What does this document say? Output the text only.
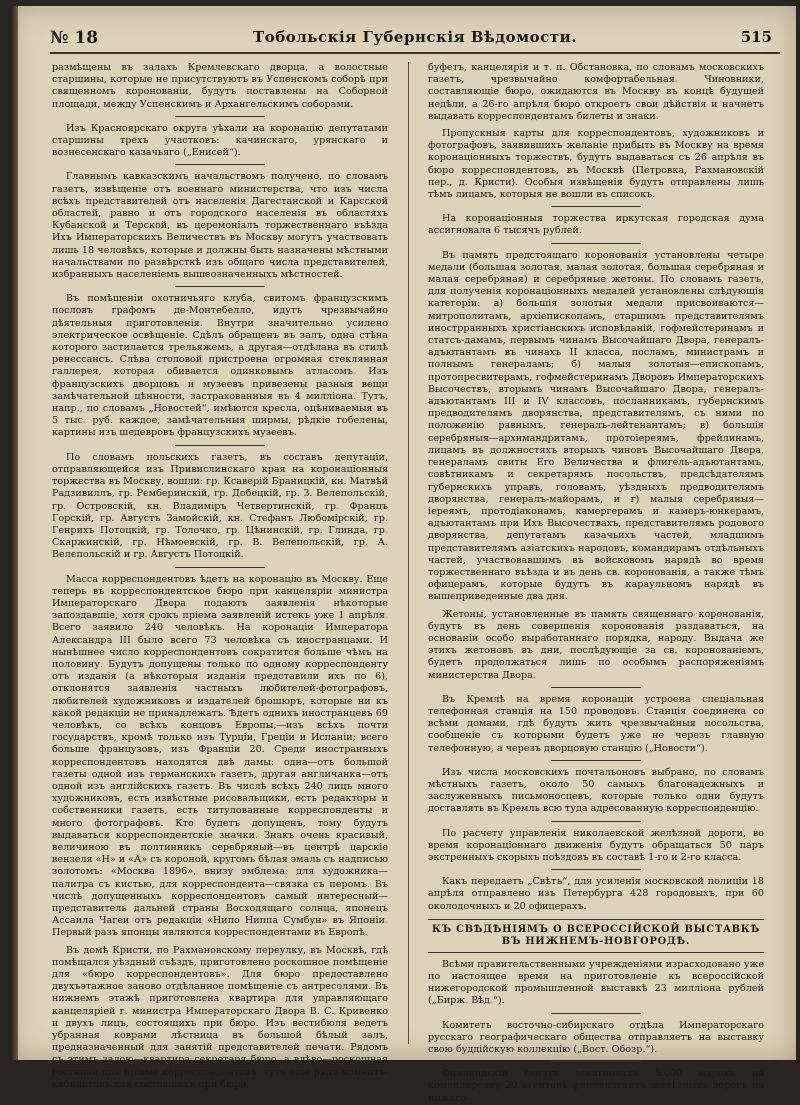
№ 18	Тобольскія Губернскія Вѣдомости.	515

размѣщены въ залахъ Кремлевскаго дворца, а волостные старшины, которые не присутствуютъ въ Успенскомъ соборѣ при священномъ коронованіи, будутъ поставлены на Соборной площади, между Успенскимъ и Архангельскимъ соборами.

Изъ Красноярскаго округа уѣхали на коронацію депутатами старшины трехъ участковъ: качинскаго, урянскаго и вознесенскаго казачьяго („Енисей“).

Главнымъ кавказскимъ начальствомъ получено, по словамъ газетъ, извѣщеніе отъ военнаго министерства, что изъ числа всѣхъ представителей отъ населенія Дагестанской и Карсской областей, равно и отъ городского населенія въ областяхъ Кубанской и Терской, въ церемоніалъ торжественнаго въѣзда Ихъ Императорскихъ Величествъ въ Москву могутъ участвовать лишь 18 человѣкъ, которые и должны быть назначены мѣстными начальствами по развѣрсткѣ изъ общаго числа представителей, избранныхъ населеніемъ вышеозначенныхъ мѣстностей.

Въ помѣщеніи охотничьяго клуба, свитомъ французскимъ пословъ графомъ де-Монтебелло, идутъ чрезвычайно дѣятельныя приготовленія. Внутри значительно усилено электрическое освѣщеніе. Сдѣлъ обращенъ въ залъ, одна стѣна которого застилается трельяжемъ, а другая—отдѣлана въ стилѣ ренессансъ. Слѣва столовой пристроена огромная стеклянная галлерея, которая обивается одинковымъ атласомъ. Изъ французскихъ дворцовъ и музеевъ привезены разныя вещи замѣчательной цѣнности, застрахованныя въ 4 милліона. Тутъ, напр., по словамъ „Новостей“, имѣются кресла, оцѣниваемыя въ 5 тыс. руб. каждое, замѣчательныя ширмы, рѣдкіе гобелены, картины изъ шедевровъ французскихъ музеевъ.

По словамъ польскихъ газетъ, въ составъ депутаціи, отправляющейся изъ Привислинскаго края на коронаціонныя торжества въ Москву, вошли: гр. Ксаверій Браницкій, кн. Матвѣй Радзивиллъ, гр. Ремберинскій, гр. Добецкій, гр. З. Велепольскій, гр. Островскій, кн. Владиміръ Четвертинскій, гр. Францъ Горскій, гр. Августъ Замойскій, кн. Стефанъ Любомірскій, гр. Генрихъ Потоцкій, гр. Толочко, гр. Цѣнинскій, гр. Глинда, гр. Скаржинскій, гр. Нѣмоевскій, гр. В. Велепольскій, гр. А. Велепольскій и гр. Августъ Потоцкій.

Масса корреспондентовъ ѣдетъ на коронацію въ Москву. Еще теперь въ корреспондентское бюро при канцеляріи министра Императорскаго Двора подаютъ заявленія нѣкоторые запоздавшіе, хотя срокъ пріема заявленій истекъ уже 1 апрѣля. Всего заявило 240 человѣкъ. На коронаціи Императора Александра III было всего 73 человѣка съ иностранцами. И нынѣшнее число корреспондентовъ сократится больше чѣмъ на половину. Будутъ допущены только по одному корреспонденту отъ изданія (а нѣкоторыя изданія представили ихъ по 6), отклонятся заявленія частныхъ любителей-фотографовъ, любителей художниковъ и издателей брошюръ, которые ни къ какой редакціи не принадлежатъ. Ѣдетъ однихъ иностранцевъ 69 человѣкъ, со всѣхъ концовъ Европы,—изъ всѣхъ почти государствъ, кромѣ только изъ Турціи, Греціи и Испаніи; всего больше французовъ, изъ Франціи 20. Среди иностранныхъ корреспондентовъ находятся двѣ дамы: одна—отъ большой газеты одной изъ германскихъ газетъ, другая англичанка—отъ одной изъ англійскихъ газетъ. Въ числѣ всѣхъ 240 лицъ много художниковъ, есть извѣстные рисовальщики, есть редакторы и собственники газетъ, есть титулованные корреспонденты и много фотографовъ. Кто будетъ допущенъ, тому будутъ выдаваться корреспондентскіе значки. Знакъ очень красивый, величиною въ полтинникъ серебряный—въ центрѣ царскіе вензеля «Н» и «А» съ короной, кругомъ бѣлая эмаль съ надписью золотомъ: «Москва 1896», внизу эмблема: для художника—палитра съ кистью, для корреспондента—связка съ перомъ. Въ числѣ допущенныхъ корреспондентовъ самый интересный—представитель дальней страны Восходящаго солнца, японецъ Ассаила Чагеи отъ редакціи «Нипо Ниппа Сумбун» въ Японіи. Первый разъ японцы являются корреспондентами въ Европѣ.

Въ домѣ Кристи, по Рахмановскому переулку, въ Москвѣ, гдѣ помѣщался уѣздный съѣздъ, приготовлено роскошное помѣщеніе для «бюро корреспондентовъ». Для бюро предоставлено двухъэтажное заново отдѣланное помѣщеніе съ антресолями. Въ нижнемъ этажѣ приготовлена квартира для управляющаго канцеляріей г. министра Императорскаго Двора В. С. Кривенко и двухъ лицъ, состоящихъ при бюро. Изъ вестибюля ведетъ убранная коврами лѣстница въ большой бѣлый залъ, предназначенный для занятій представителей печати. Рядомъ съ этимъ залою—квартира секретаря бюро, а влѣво—роскошная гостиная для пріема корреспондентовъ; тутъ еще рядъ комнатъ-кабинетовъ для состоящихъ при бюро,

буфетъ, канцелярія и т. п. Обстановка, по словамъ московскихъ газетъ, чрезвычайно комфортабельная. Чиновники, составляющіе бюро, ожидаются въ Москву въ концѣ будущей недѣли, а 26-го апрѣля бюро откроетъ свои дѣйствія и начнетъ выдавать корреспондентамъ билеты и знаки.

Пропускныя карты для корреспондентовъ, художниковъ и фотографовъ, заявившихъ желаніе прибыть въ Москву на время коронаціонныхъ торжествъ, будутъ выдаваться съ 26 апрѣля въ бюро корреспондентовъ, въ Москвѣ (Петровка, Рахмановскій пер., д. Кристи). Особыя извѣщенія будутъ отправлены лишь тѣмъ лицамъ, которыя не вошли въ списокъ.

На коронаціонныя торжества иркутская городская дума ассигновала 6 тысячъ рублей.

Въ память предстоящаго коронованія установлены четыре медали (большая золотая, малая золотая, большая серебряная и малая серебряная) и серебряные жетоны. По словамъ газетъ, для полученія коронаціонныхъ медалей установлены слѣдующія категоріи: а) большія золотыя медали присвоиваются—митрополитамъ, архіепископамъ, старшимъ представителямъ инострранныхъ христіанскихъ исповѣданій, гофмейстеринамъ и статсъ-дамамъ, первымъ чинамъ Высочайшаго Двора, генералъ-адъютантамъ въ чинахъ II класса, посламъ, министрамъ и полнымъ генераламъ; б) малыя золотыя—епископамъ, протопресвитерамъ, гофмейстеринамъ Дворовъ Императорскихъ Высочествъ, вторымъ чинамъ Высочайшаго Двора, генералъ-адъютантамъ III и IV классовъ, посланникамъ, губернскимъ предводителямъ дворянства, представителямъ, съ ними по положенію равнымъ, генералъ-лейтенантамъ; в) большія серебряныя—архимандритамъ, протоіереямъ, фрейлинамъ, лицамъ въ должностяхъ вторыхъ чиновъ Высочайшаго Двора, генераламъ свиты Его Величества и флигель-адъютантамъ, совѣтникамъ и секретарямъ посольствъ, предсѣдателямъ губернскихъ управъ, головамъ, уѣздныхъ предводителямъ дворянства, генералъ-майорамъ, и г) малыя серебряныя—іереямъ, протодіаконамъ, камергерамъ и камеръ-юнкерамъ, адъютантамъ при Ихъ Высочествахъ, представителямъ родового дворянства, депутатамъ казачьихъ частей, младшимъ представителямъ азіатскихъ народовъ, командирамъ отдѣльныхъ частей, участвовавшимъ въ войсковомъ нарядѣ во время торжественнаго въѣзда и въ день св. коронованія, а также тѣмъ офицерамъ, которые будутъ въ караульномъ нарядѣ въ вышеприведенные два дня.

Жетоны, установленные въ память священнаго коронованія, будутъ въ день совершенія коронованія раздаваться, на основаніи особо выработаннаго порядка, народу. Выдача же этихъ жетоновъ въ дни, послѣдующіе за св. коронованіемъ, будетъ продолжаться лишь по особымъ распоряженіямъ министерства Двора.

Въ Кремлѣ на время коронаціи устроена спеціальная телефонная станція на 150 проводовъ. Станція соединена со всѣми домами, гдѣ будутъ жить чрезвычайныя посольства, сообщеніе съ которыми будетъ уже не черезъ главную телефонную, а черезъ дворцовую станцію („Новости“).

Изъ числа московскихъ почтальоновъ выбрано, по словамъ мѣстныхъ газетъ, около 50 самыхъ благонадежныхъ и заслуженныхъ письмоносцевъ, которые только одни будутъ доставлять въ Кремль всю туда адресованную корреспонденцію.

По расчету управленія николаевской желѣзной дороги, во время коронаціоннаго движенія будутъ обращаться 50 паръ экстренныхъ скорыхъ поѣздовъ въ составѣ 1-го и 2-го класса.

Какъ передаетъ „Свѣтъ“, для усиленія московской полиціи 18 апрѣля отправлено изъ Петербурга 428 городовыхъ, при 60 околодочныхъ и 20 офицерахъ.

КЪ СВѢДѢНІЯМЪ О ВСЕРОССІЙСКОЙ ВЫСТАВКѢ
ВЪ НИЖНЕМЪ-НОВГОРОДѢ.

Всѣми правительственными учрежденіями израсходовано уже по настоящее время на приготовленіе къ всероссійской нижегородской промышленной выставкѣ 23 милліона рублей („Бирж. Вѣд.“).

Комитетъ восточно-сибирскаго отдѣла Императорскаго русскаго географическаго общества отправляетъ на выставку свою буддійскую коллекцію („Вост. Обозр.“).

Финляндскій сенатъ ассигновалъ 5.000 марокъ на командировку 20 агентовъ финляндскихъ желѣзныхъ дорогъ на нижего-
